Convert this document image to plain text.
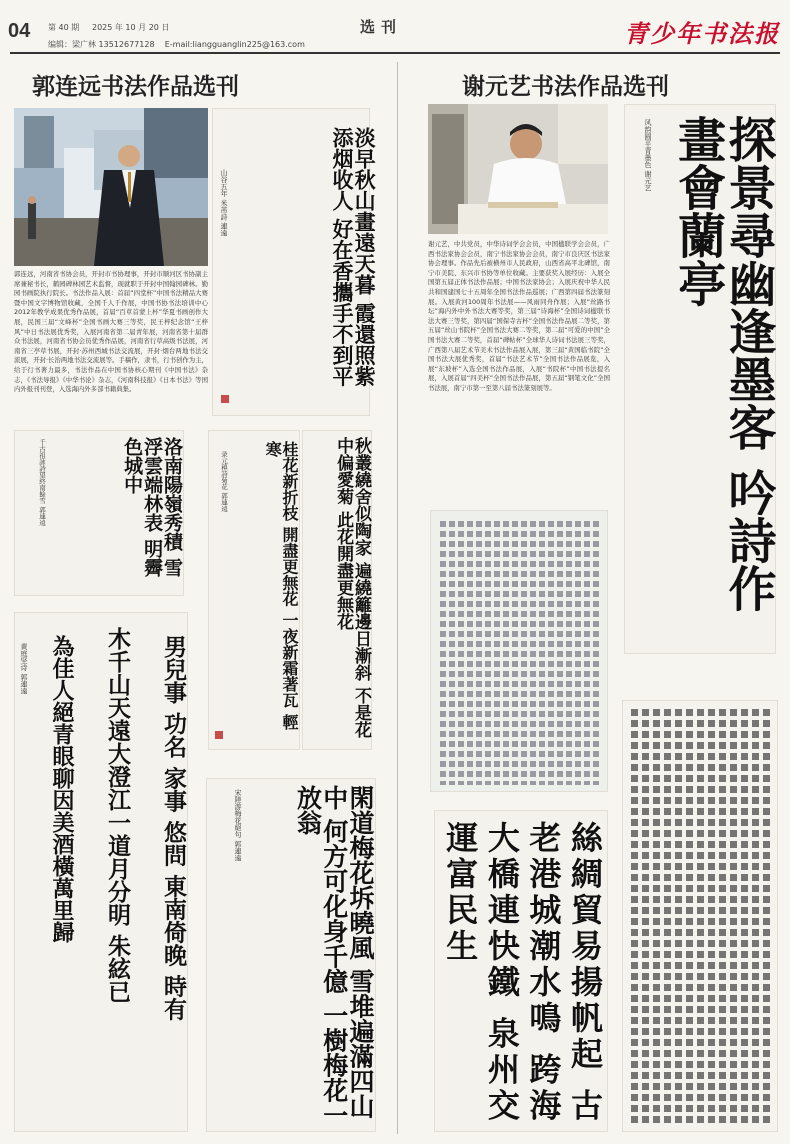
04 第 40 期 2025 年 10 月 20 日
编辑：梁广林 13512677128 E-mail:liangguanglin225@163.com
选刊	青少年书法报
郭连远书法作品选刊
郭连远，河南省书协会员，开封市书协理事，开封市顺河区书协副主席兼秘书长，鹤园碑林园艺术监督，现就职于开封中国翰园碑林。勤园书画院执行院长。书法作品入展：首届“四堂杯”中国书法精品大赛暨中国文字博物馆收藏，全国千人千作展，中国书协书法培训中心2012年教学成果优秀作品展，首届“百草首蒙上杯”华夏书画创作大展，民国三届“文峰杯”全国书画大赛三等奖，民王梓纪念馆“王梓风”中日书法展优秀奖，入展河南省第二届青年展，河南省第十届群众书法展，河南省书协会员优秀作品展，河南省行草高级书法展，河南省三亭草书展，开封·苏州西城书法交流展，开封·烟台两地书法交流展，开封·长治两地书法交流展等。手稿作，隶书，行书创作为主，给于行书著力最多，书法作品在中国书协核心期刊《中国书法》杂志，《书法导报》《中华书论》杂志，《河南科技报》《日本书法》等国内外报刊刊登，入选海内外多部书籍典集。
淡早秋山畫遠天暮 霞還照紫添烟收人 好在香攜手不到平
山谷五年 米芾詩 連遠
洛南陽嶺秀積 雪浮雲端林表 明霽色城中
千古祖詠詩望終南餘雪 郭連遠	秋叢繞舍似陶家 遍繞籬邊日漸斜 不是花中偏愛菊 此花開盡更無花
桂花新折枝 開盡更無花 一夜新霜著瓦 輕寒
录元稹詩菊花 郭連遠
男兒事 功名 家事 悠問 東南倚晚 時有
木千山天遠大澄江一道月分明 朱絃已
為佳人絕青眼聊因美酒橫萬里歸
黄庭坚诗 郭連遠
閑道梅花坼曉風 雪堆遍滿四山中 何方可化身千億 一樹梅花一放翁
宋陸游梅花絕句 郭連遠
谢元艺书法作品选刊
谢元艺，中共党员，中华诗词学会会员，中国楹联学会会员，广西书法家协会会员，南宁书法家协会会员，南宁市良庆区书法家协会理事。作品先后被横州市人民政府，山西省高平北碑馆，南宁市美院、东兴市书协等单位收藏。主要获奖入展经历：入展全国第五届正体书法作品展；中国书法家协会；入展庆祝中华人民共和国建国七十五周年全国书法作品巡展；广西第四届书法篆刻展。入展黄河100周年书法展——风雨同舟作展；入展“丝路书坛”海内外中外书法大赛等奖，第三届“诗海杯”全国诗词楹联书法大赛三等奖，第四届“国保寺古杯”全国书法作品展二等奖，第五届“丝山书院杯”全国书法大赛二等奖，第二届“可爱的中国”全国书法大赛二等奖，首届“碑帖杯”全球华人诗词书法展三等奖，广西第八届艺术节美术书法作品展入展，第三届“黄国临书院”全国书法大展优秀奖，首届“书法艺术节”全国书法作品展览，入展“东坡杯”入选全国书法作品展，入展“书院杯”中国书法提名展，入展首届“四美杯”全国书法作品展，第五届“钢笔文化”全国书法展，南宁市第一至第八届书法篆刻展等。	探景尋幽逢墨客 吟詩作畫會蘭亭
风韵圆平青墨色 谢元艺
絲綢貿易揚帆起 古老港城潮水鳴 跨海大橋連快鐵 泉州交運富民生
